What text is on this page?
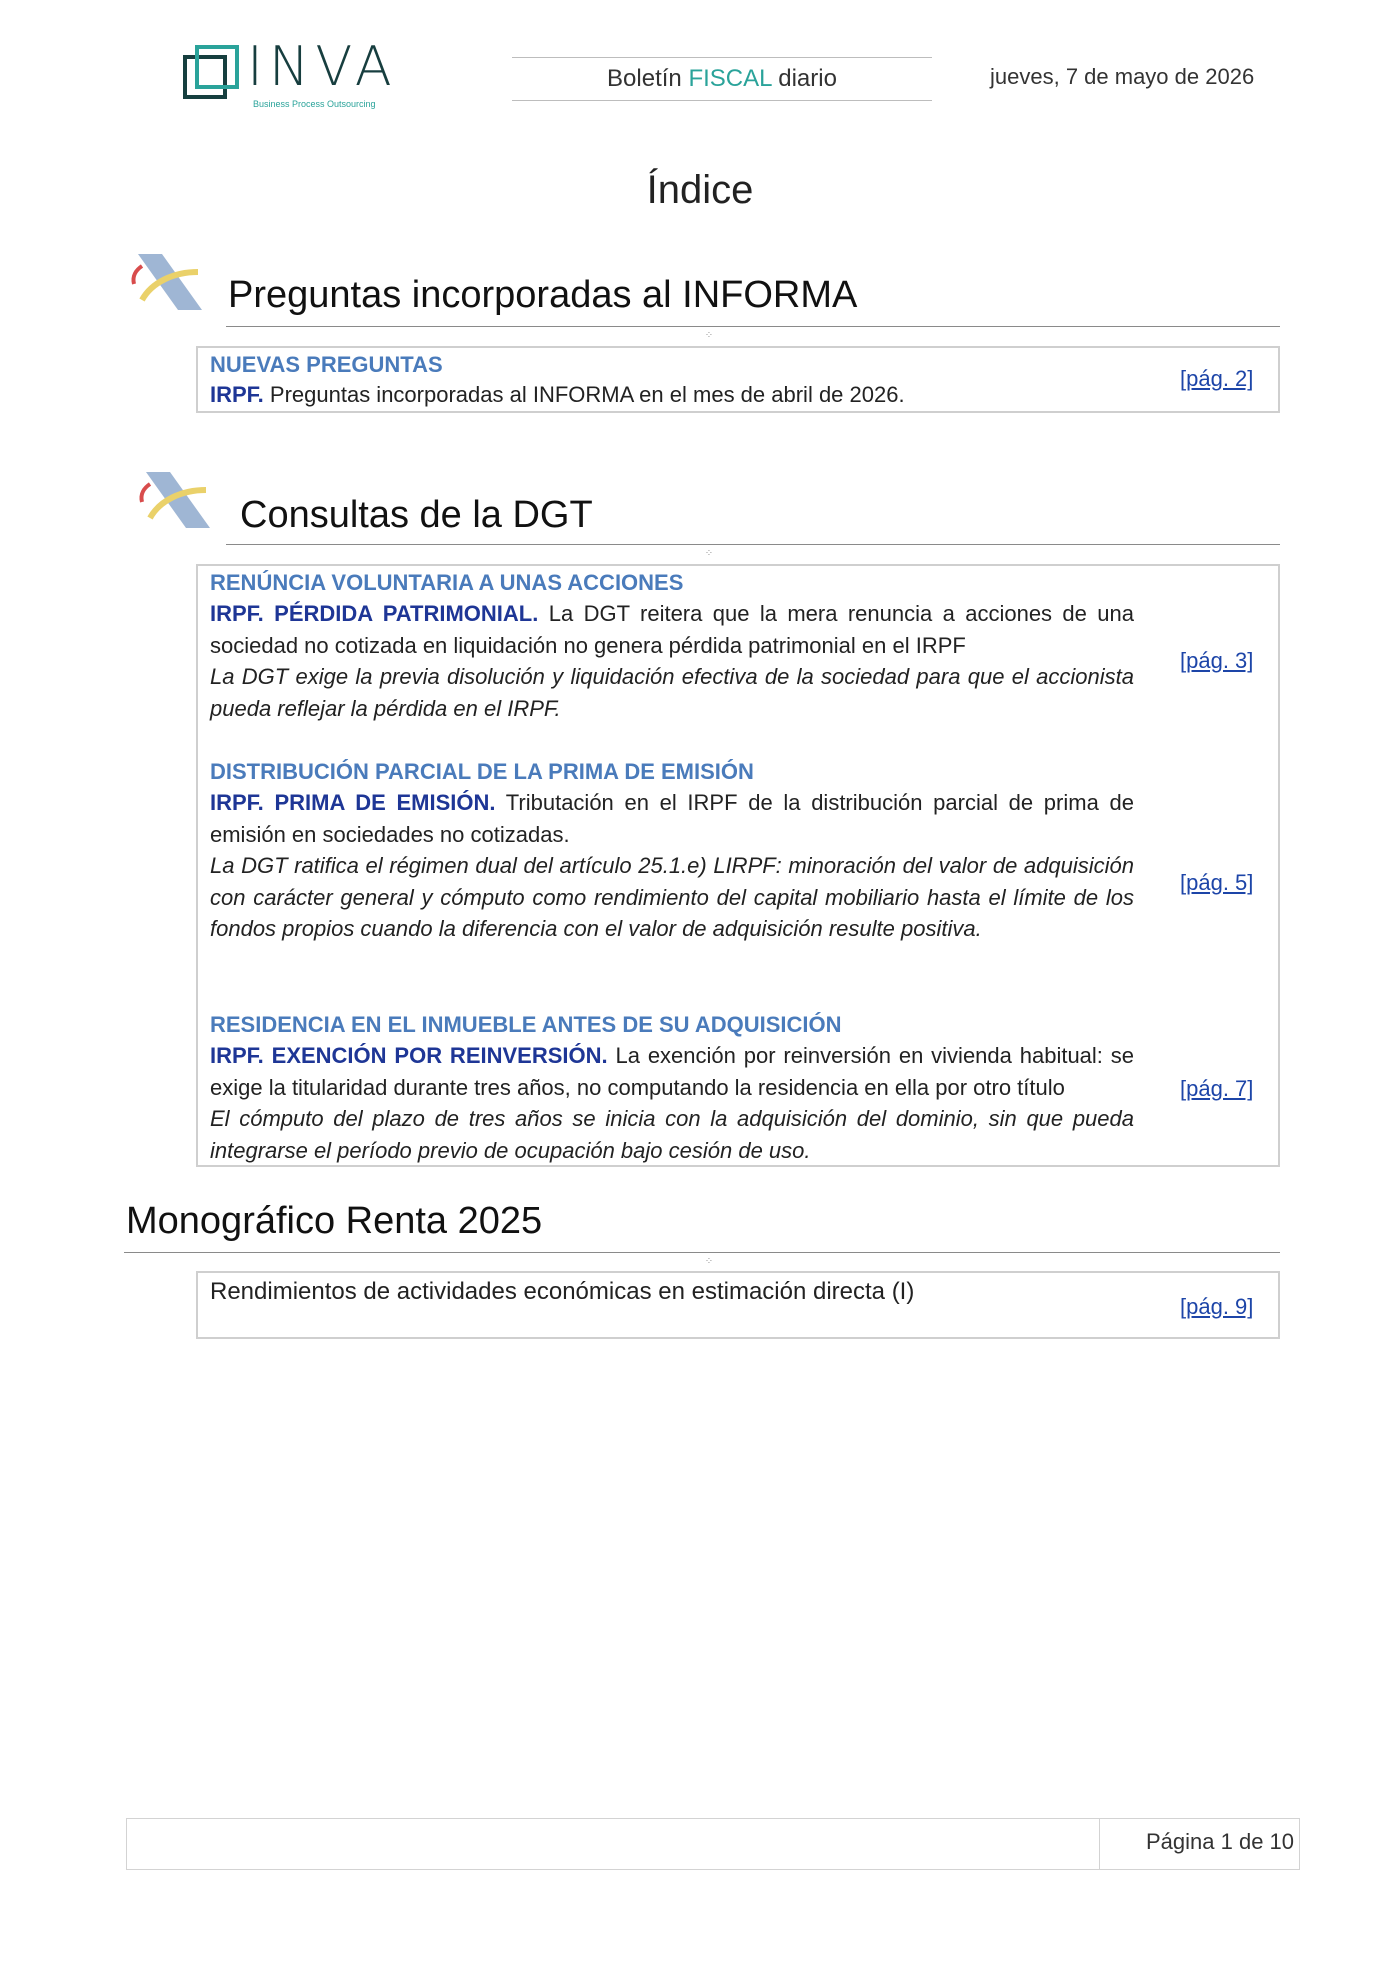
INVA
Business Process Outsourcing
Boletín FISCAL diario	jueves, 7 de mayo de 2026
Índice
Preguntas incorporadas al INFORMA
⁘
NUEVAS PREGUNTAS
IRPF. Preguntas incorporadas al INFORMA en el mes de abril de 2026.
[pág. 2]
Consultas de la DGT
⁘
RENÚNCIA VOLUNTARIA A UNAS ACCIONES
IRPF. PÉRDIDA PATRIMONIAL. La DGT reitera que la mera renuncia a acciones de una sociedad no cotizada en liquidación no genera pérdida patrimonial en el IRPF
La DGT exige la previa disolución y liquidación efectiva de la sociedad para que el accionista pueda reflejar la pérdida en el IRPF.
[pág. 3]
DISTRIBUCIÓN PARCIAL DE LA PRIMA DE EMISIÓN
IRPF. PRIMA DE EMISIÓN. Tributación en el IRPF de la distribución parcial de prima de emisión en sociedades no cotizadas.
La DGT ratifica el régimen dual del artículo 25.1.e) LIRPF: minoración del valor de adquisición con carácter general y cómputo como rendimiento del capital mobiliario hasta el límite de los fondos propios cuando la diferencia con el valor de adquisición resulte positiva.
[pág. 5]
RESIDENCIA EN EL INMUEBLE ANTES DE SU ADQUISICIÓN
IRPF. EXENCIÓN POR REINVERSIÓN. La exención por reinversión en vivienda habitual: se exige la titularidad durante tres años, no computando la residencia en ella por otro título
El cómputo del plazo de tres años se inicia con la adquisición del dominio, sin que pueda integrarse el período previo de ocupación bajo cesión de uso.
[pág. 7]
Monográfico Renta 2025
⁘
Rendimientos de actividades económicas en estimación directa (I)
[pág. 9]
Página 1 de 10
